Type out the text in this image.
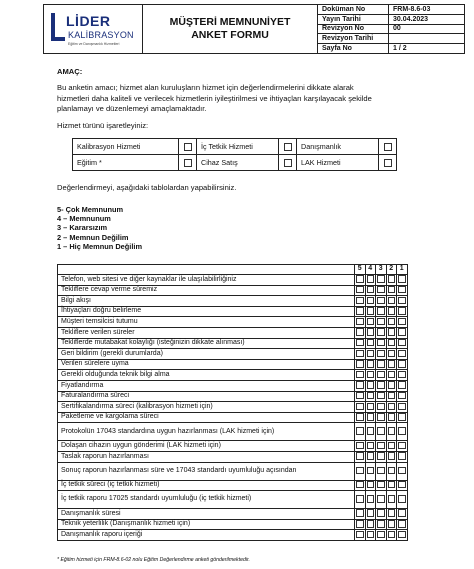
LİDER
KALİBRASYON
Eğitim ve Danışmanlık Hizmetleri
MÜŞTERİ MEMNUNİYET
ANKET FORMU
Doküman No	FRM-8.6-03
Yayın Tarihi	30.04.2023
Revizyon No	00
Revizyon Tarihi
Sayfa No	1 / 2
AMAÇ:
Bu anketin amacı; hizmet alan kuruluşların hizmet için değerlendirmelerini dikkate alarak
hizmetleri daha kaliteli ve verilecek hizmetlerin iyileştirilmesi ve ihtiyaçları karşılayacak şekilde
planlamayı ve düzenlemeyi amaçlamaktadır.
Hizmet türünü işaretleyiniz:
Kalibrasyon Hizmeti		İç Tetkik Hizmeti		Danışmanlık	
Eğitim *		Cihaz Satış		LAK Hizmeti	
Değerlendirmeyi, aşağıdaki tablolardan yapabilirsiniz.
5- Çok Memnunum
4 – Memnunum
3 – Kararsızım
2 – Memnun Değilim
1 – Hiç Memnun Değilim
	5	4	3	2	1
Telefon, web sitesi ve diğer kaynaklar ile ulaşılabilirliğiniz					
Tekliflere cevap verme süremiz					
Bilgi akışı					
İhtiyaçları doğru belirleme					
Müşteri temsilcisi tutumu					
Tekliflere verilen süreler					
Tekliflerde mutabakat kolaylığı (isteğinizin dikkate alınması)					
Geri bildirim (gerekli durumlarda)					
Verilen sürelere uyma					
Gerekli olduğunda teknik bilgi alma					
Fiyatlandırma					
Faturalandırma süreci					
Sertifikalandırma süreci (kalibrasyon hizmeti için)					
Paketleme ve kargolama süreci					
Protokolün 17043 standardına uygun hazırlanması (LAK hizmeti için)					
Dolaşan cihazın uygun gönderimi (LAK hizmeti için)					
Taslak raporun hazırlanması					
Sonuç raporun hazırlanması süre ve 17043 standardı uyumluluğu açısından					
İç tetkik süreci (iç tetkik hizmeti)					
İç tetkik raporu 17025 standardı uyumluluğu (iç tetkik hizmeti)					
Danışmanlık süresi					
Teknik yeterlilik (Danışmanlık hizmeti için)					
Danışmanlık raporu içeriği					
* Eğitim hizmeti için FRM-8.6-02 nolu Eğitim Değerlendirme anketi gönderilmektedir.
